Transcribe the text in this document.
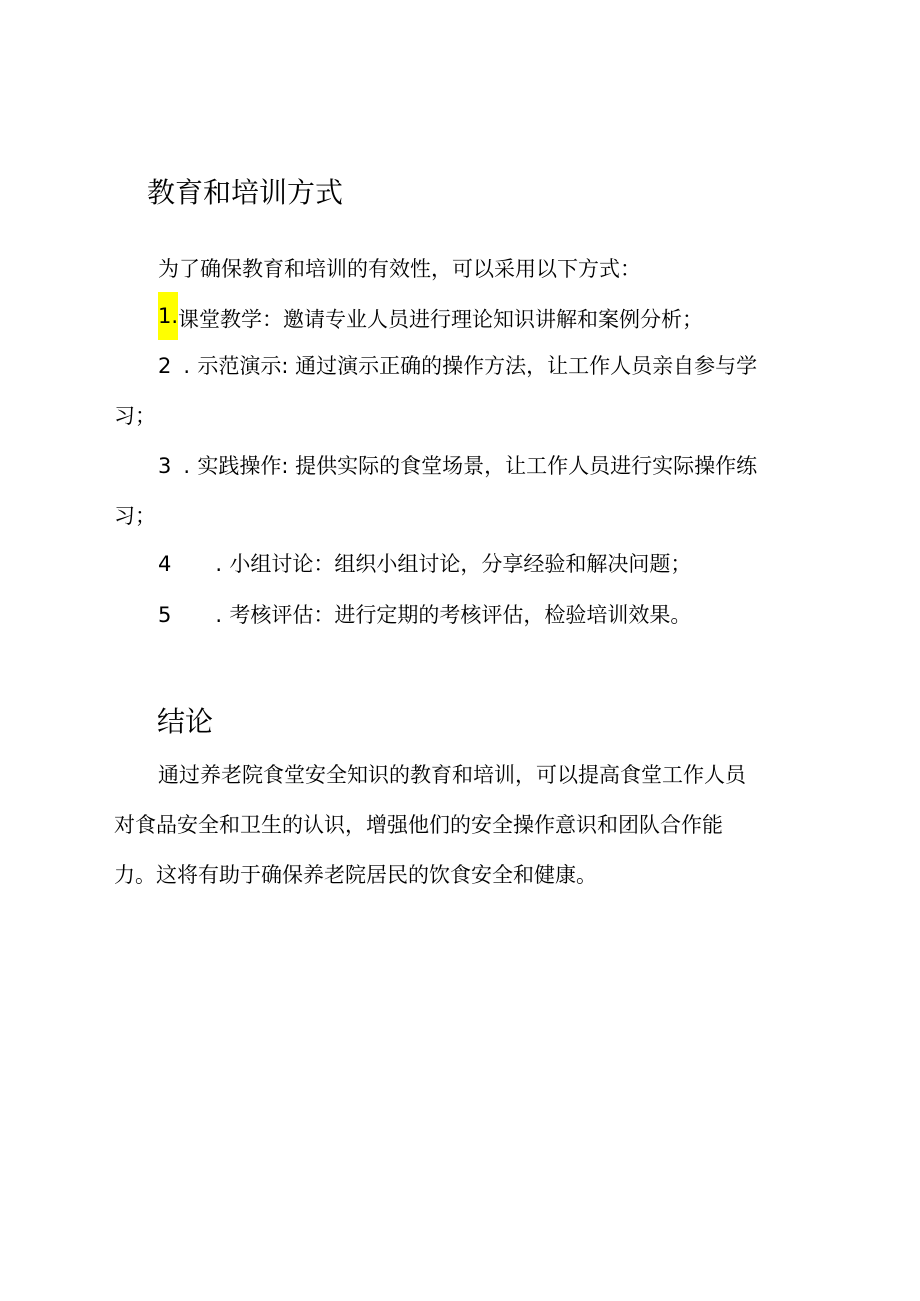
教育和培训方式
为了确保教育和培训的有效性，可以采用以下方式：
1.课堂教学：邀请专业人员进行理论知识讲解和案例分析；
2 . 示范演示: 通过演示正确的操作方法，让工作人员亲自参与学
习；
3 . 实践操作: 提供实际的食堂场景，让工作人员进行实际操作练
习；
4 . 小组讨论：组织小组讨论，分享经验和解决问题；
5 . 考核评估：进行定期的考核评估，检验培训效果。
结论
通过养老院食堂安全知识的教育和培训，可以提高食堂工作人员
对食品安全和卫生的认识，增强他们的安全操作意识和团队合作能
力。这将有助于确保养老院居民的饮食安全和健康。
